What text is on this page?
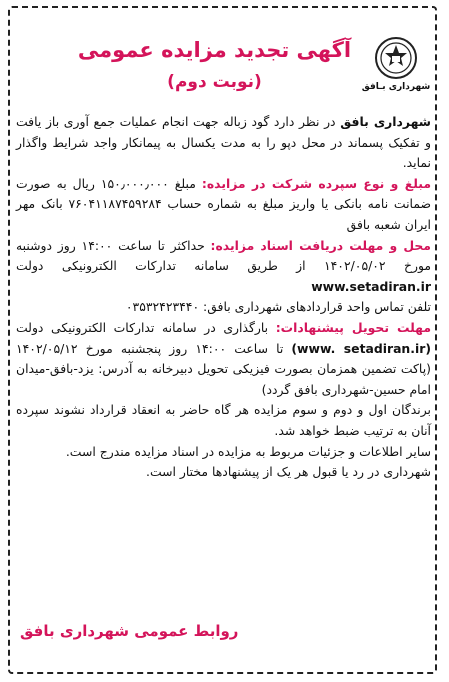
شهرداری بـافق
آگهی تجدید مزایده عمومی
(نوبت دوم)

شهرداری بافق در نظر دارد گود زباله جهت انجام عملیات جمع آوری باز یافت و تفکیک پسماند در محل دپو را به مدت یکسال به پیمانکار واجد شرایط واگذار نماید.

مبلغ و نوع سپرده شرکت در مزایده: مبلغ ۱۵۰٫۰۰۰٫۰۰۰ ریال به صورت ضمانت نامه بانکی یا واریز مبلغ به شماره حساب ۷۶۰۴۱۱۸۷۴۵۹۲۸۴ بانک مهر ایران شعبه بافق

محل و مهلت دریافت اسناد مزایده: حداکثر تا ساعت ۱۴:۰۰ روز دوشنبه مورخ ۱۴۰۲/۰۵/۰۲ از طریق سامانه تدارکات الکترونیکی دولت www.setadiran.ir

تلفن تماس واحد قراردادهای شهرداری بافق: ۰۳۵۳۲۴۲۳۴۴۰

مهلت تحویل پیشنهادات: بارگذاری در سامانه تدارکات الکترونیکی دولت (www. setadiran.ir) تا ساعت ۱۴:۰۰ روز پنجشنبه مورخ ۱۴۰۲/۰۵/۱۲ (پاکت تضمین همزمان بصورت فیزیکی تحویل دبیرخانه به آدرس: یزد-بافق-میدان امام حسین-شهرداری بافق گردد)

برندگان اول و دوم و سوم مزایده هر گاه حاضر به انعقاد قرارداد نشوند سپرده آنان به ترتیب ضبط خواهد شد.

سایر اطلاعات و جزئیات مربوط به مزایده در اسناد مزایده مندرج است.

شهرداری در رد یا قبول هر یک از پیشنهادها مختار است.

روابط عمومی شهرداری بافق
